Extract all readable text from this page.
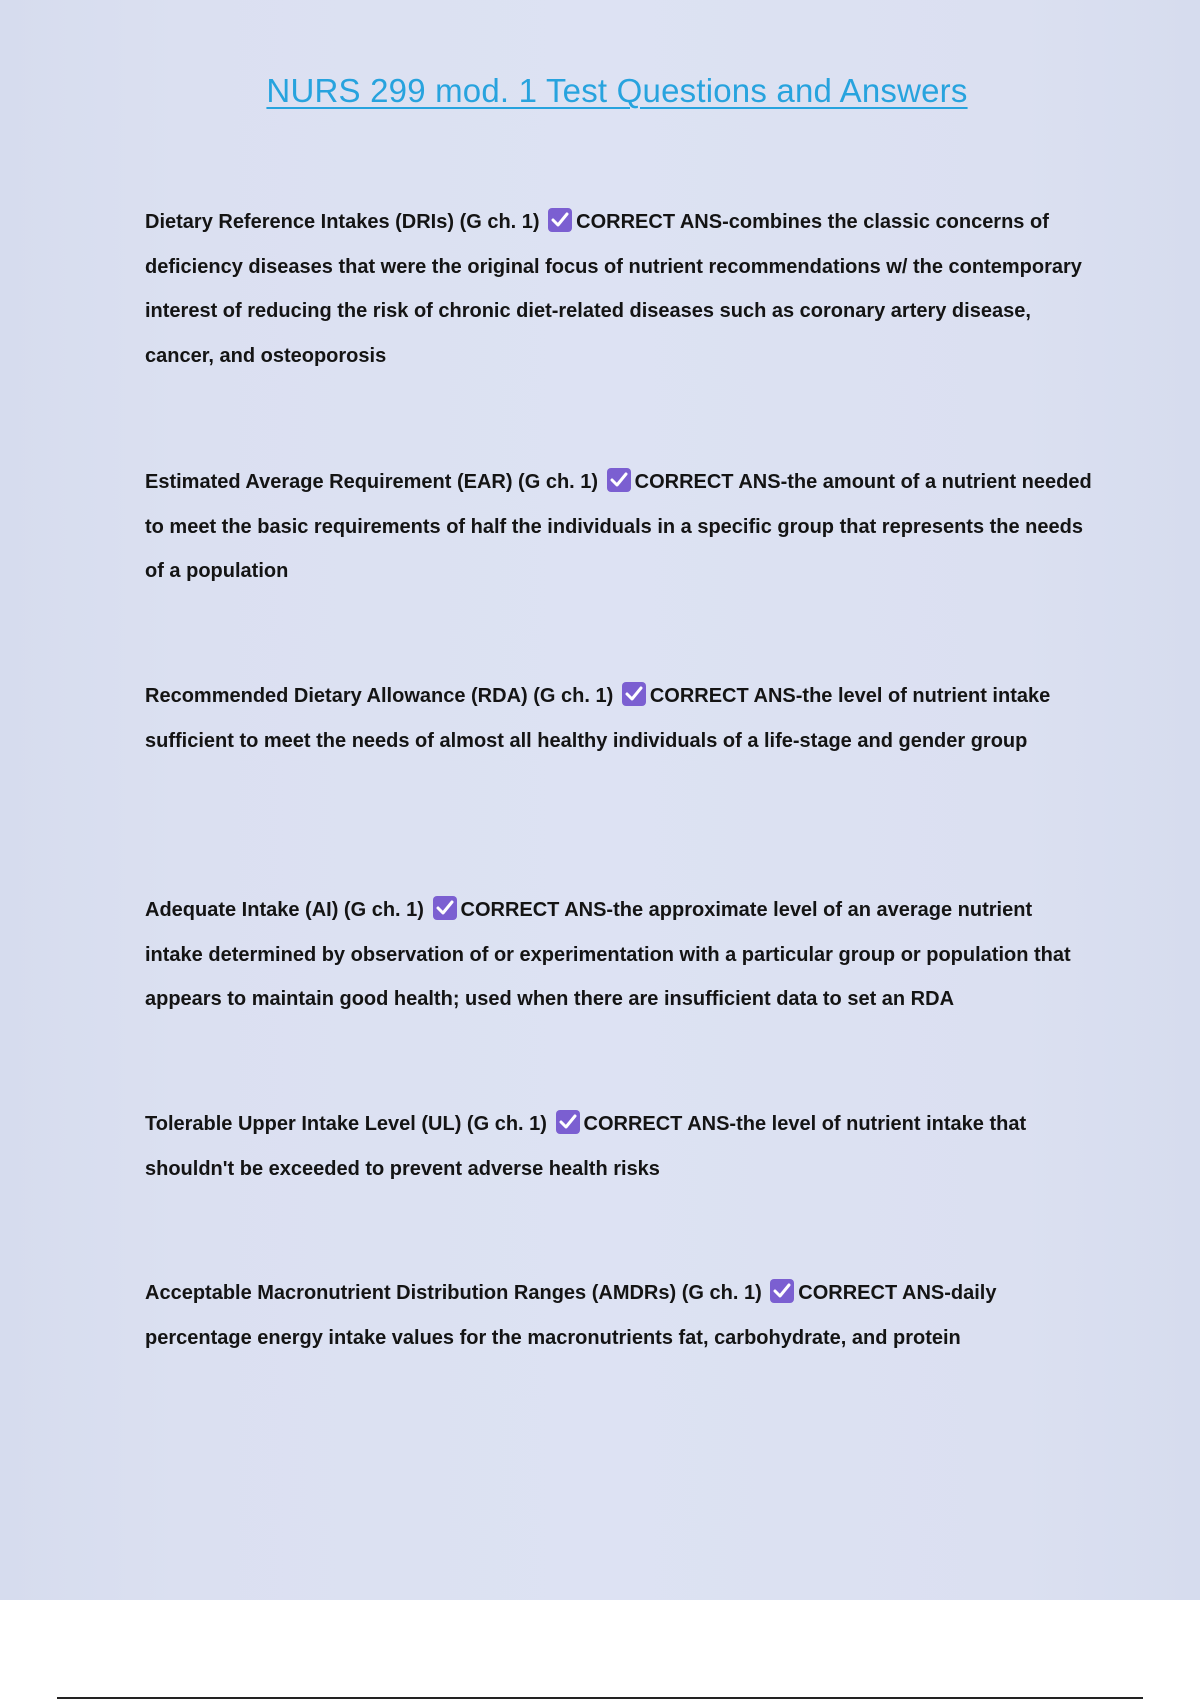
NURS 299 mod. 1 Test Questions and Answers

Dietary Reference Intakes (DRIs) (G ch. 1) CORRECT ANS-combines the classic concerns of deficiency diseases that were the original focus of nutrient recommendations w/ the contemporary interest of reducing the risk of chronic diet-related diseases such as coronary artery disease, cancer, and osteoporosis

Estimated Average Requirement (EAR) (G ch. 1) CORRECT ANS-the amount of a nutrient needed to meet the basic requirements of half the individuals in a specific group that represents the needs of a population

Recommended Dietary Allowance (RDA) (G ch. 1) CORRECT ANS-the level of nutrient intake sufficient to meet the needs of almost all healthy individuals of a life-stage and gender group

Adequate Intake (AI) (G ch. 1) CORRECT ANS-the approximate level of an average nutrient intake determined by observation of or experimentation with a particular group or population that appears to maintain good health; used when there are insufficient data to set an RDA

Tolerable Upper Intake Level (UL) (G ch. 1) CORRECT ANS-the level of nutrient intake that shouldn't be exceeded to prevent adverse health risks

Acceptable Macronutrient Distribution Ranges (AMDRs) (G ch. 1) CORRECT ANS-daily percentage energy intake values for the macronutrients fat, carbohydrate, and protein
